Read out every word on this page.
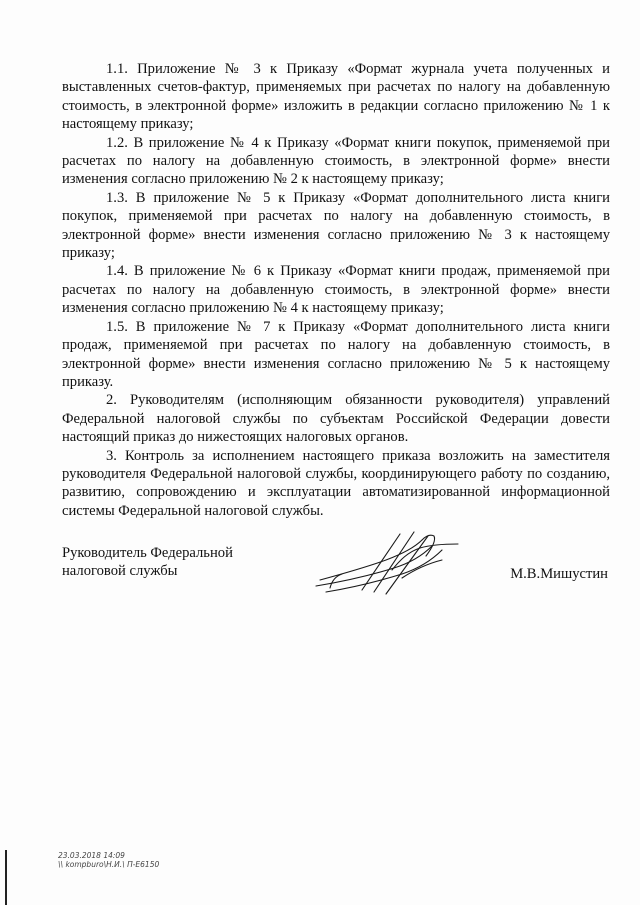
1.1. Приложение № 3 к Приказу «Формат журнала учета полученных и выставленных счетов-фактур, применяемых при расчетах по налогу на добавленную стоимость, в электронной форме» изложить в редакции согласно приложению № 1 к настоящему приказу;

1.2. В приложение № 4 к Приказу «Формат книги покупок, применяемой при расчетах по налогу на добавленную стоимость, в электронной форме» внести изменения согласно приложению № 2 к настоящему приказу;

1.3. В приложение № 5 к Приказу «Формат дополнительного листа книги покупок, применяемой при расчетах по налогу на добавленную стоимость, в электронной форме» внести изменения согласно приложению № 3 к настоящему приказу;

1.4. В приложение № 6 к Приказу «Формат книги продаж, применяемой при расчетах по налогу на добавленную стоимость, в электронной форме» внести изменения согласно приложению № 4 к настоящему приказу;

1.5. В приложение № 7 к Приказу «Формат дополнительного листа книги продаж, применяемой при расчетах по налогу на добавленную стоимость, в электронной форме» внести изменения согласно приложению № 5 к настоящему приказу.

2. Руководителям (исполняющим обязанности руководителя) управлений Федеральной налоговой службы по субъектам Российской Федерации довести настоящий приказ до нижестоящих налоговых органов.

3. Контроль за исполнением настоящего приказа возложить на заместителя руководителя Федеральной налоговой службы, координирующего работу по созданию, развитию, сопровождению и эксплуатации автоматизированной информационной системы Федеральной налоговой службы.

Руководитель Федеральной
налоговой службы	М.В.Мишустин
23.03.2018 14:09
\\ kompburo\Н.И.\ П-E6150
